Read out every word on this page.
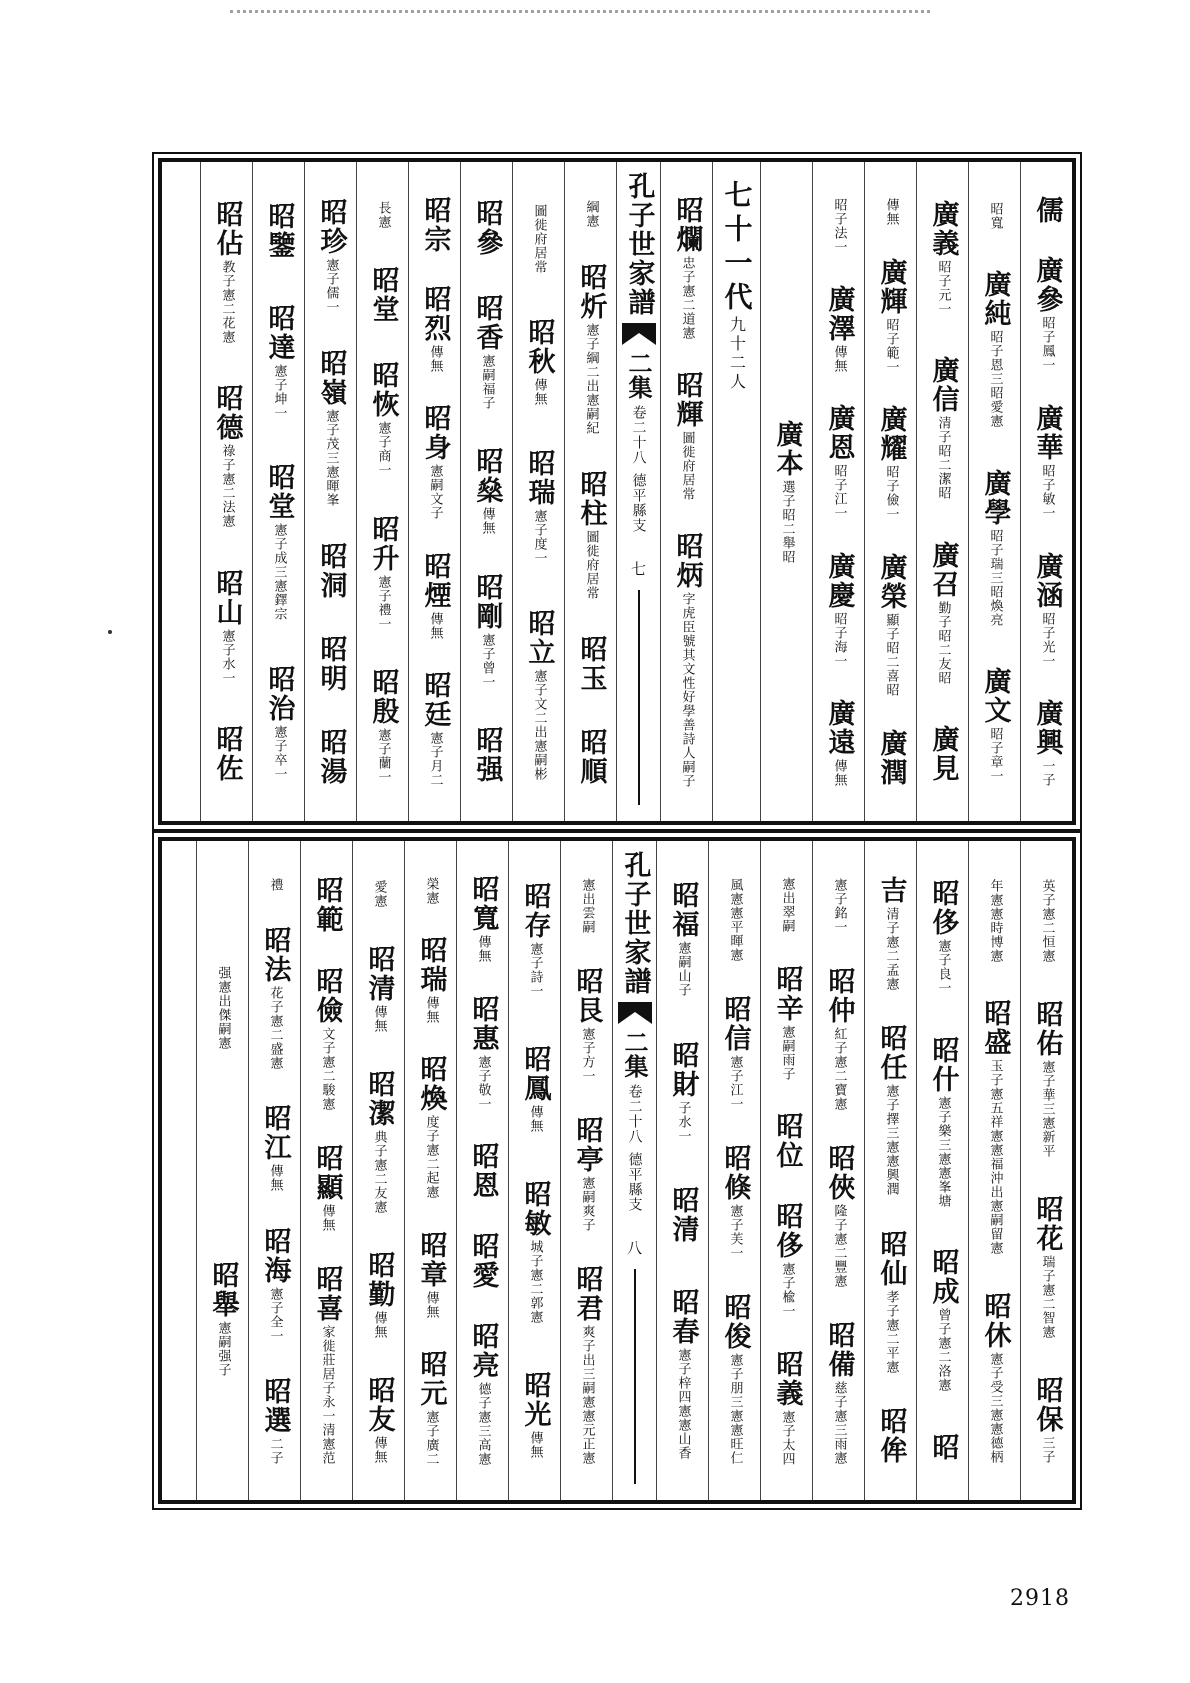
儒
廣參
昭子鳳一
廣華
昭子敏一
廣涵
昭子光一
廣興
一子
昭寬
廣純
昭子恩三昭愛憲
廣學
昭子瑞三昭煥亮
廣文
昭子章一
廣義
昭子元一
廣信
清子昭二潔昭
廣召
勤子昭二友昭
廣見
傳無
廣輝
昭子範一
廣耀
昭子儉一
廣榮
顯子昭二喜昭
廣潤
昭子法一
廣澤
傳無
廣恩
昭子江一
廣慶
昭子海一
廣遠
傳無
廣本
選子昭二舉昭
七十一代九十二人
昭爛
忠子憲二道憲
昭輝
圖徙府居常
昭炳
字虎臣號其文性好學善詩人嗣子
孔子世家譜
二集
卷二十八德平縣支
七
綱憲
昭炘
憲子綱二出憲嗣紀
昭柱
圖徙府居常
昭玉
昭順
圖徙府居常
昭秋
傳無
昭瑞
憲子度一
昭立
憲子文二出憲嗣彬
昭參
昭香
憲嗣福子
昭燊
傳無
昭剛
憲子曾一
昭强
昭宗
昭烈
傳無
昭身
憲嗣文子
昭煙
傳無
昭廷
憲子月二
長憲
昭堂
昭恢
憲子商一
昭升
憲子禮一
昭殷
憲子蘭一
昭珍
憲子儒一
昭嶺
憲子茂三憲暉峯
昭洞
昭明
昭湯
昭鑒
昭達
憲子坤一
昭堂
憲子成三憲鐸宗
昭治
憲子卒一
昭佔
教子憲二花憲
昭德
祿子憲二法憲
昭山
憲子水一
昭佐
英子憲二恒憲
昭佑
憲子華三憲新平
昭花
瑞子憲二智憲
昭保
三子
年憲憲時博憲
昭盛
玉子憲五祥憲憲福沖出憲嗣留憲
昭休
憲子受三憲憲德柄
昭侈
憲子良一
昭什
憲子樂三憲憲峯塘
昭成
曾子憲二洛憲
昭
吉
清子憲二孟憲
昭任
憲子擇三憲憲興潤
昭仙
孝子憲二平憲
昭侔
憲子銘一
昭仲
紅子憲二寶憲
昭俠
隆子憲二豐憲
昭備
慈子憲三雨憲
憲出翠嗣
昭辛
憲嗣雨子
昭位
昭侈
憲子楡一
昭義
憲子太四
風憲憲平暉憲
昭信
憲子江一
昭倏
憲子芙一
昭俊
憲子朋三憲憲旺仁
昭福
憲嗣山子
昭財
子水一
昭清
昭春
憲子梓四憲憲山香
孔子世家譜
二集
卷二十八德平縣支
八
憲出雲嗣
昭艮
憲子方一
昭亭
憲嗣爽子
昭君
爽子出三嗣憲憲元正憲
昭存
憲子詩一
昭鳳
傳無
昭敏
城子憲二郭憲
昭光
傳無
昭寬
傳無
昭惠
憲子敬一
昭恩
昭愛
昭亮
德子憲三高憲
榮憲
昭瑞
傳無
昭煥
度子憲二起憲
昭章
傳無
昭元
憲子廣二
愛憲
昭清
傳無
昭潔
典子憲二友憲
昭勤
傳無
昭友
傳無
昭範
昭儉
文子憲二駿憲
昭顯
傳無
昭喜
家徙莊居子永一清憲范
禮
昭法
花子憲二盛憲
昭江
傳無
昭海
憲子全一
昭選
二子
强憲出傑嗣憲
昭舉
憲嗣强子
2918
